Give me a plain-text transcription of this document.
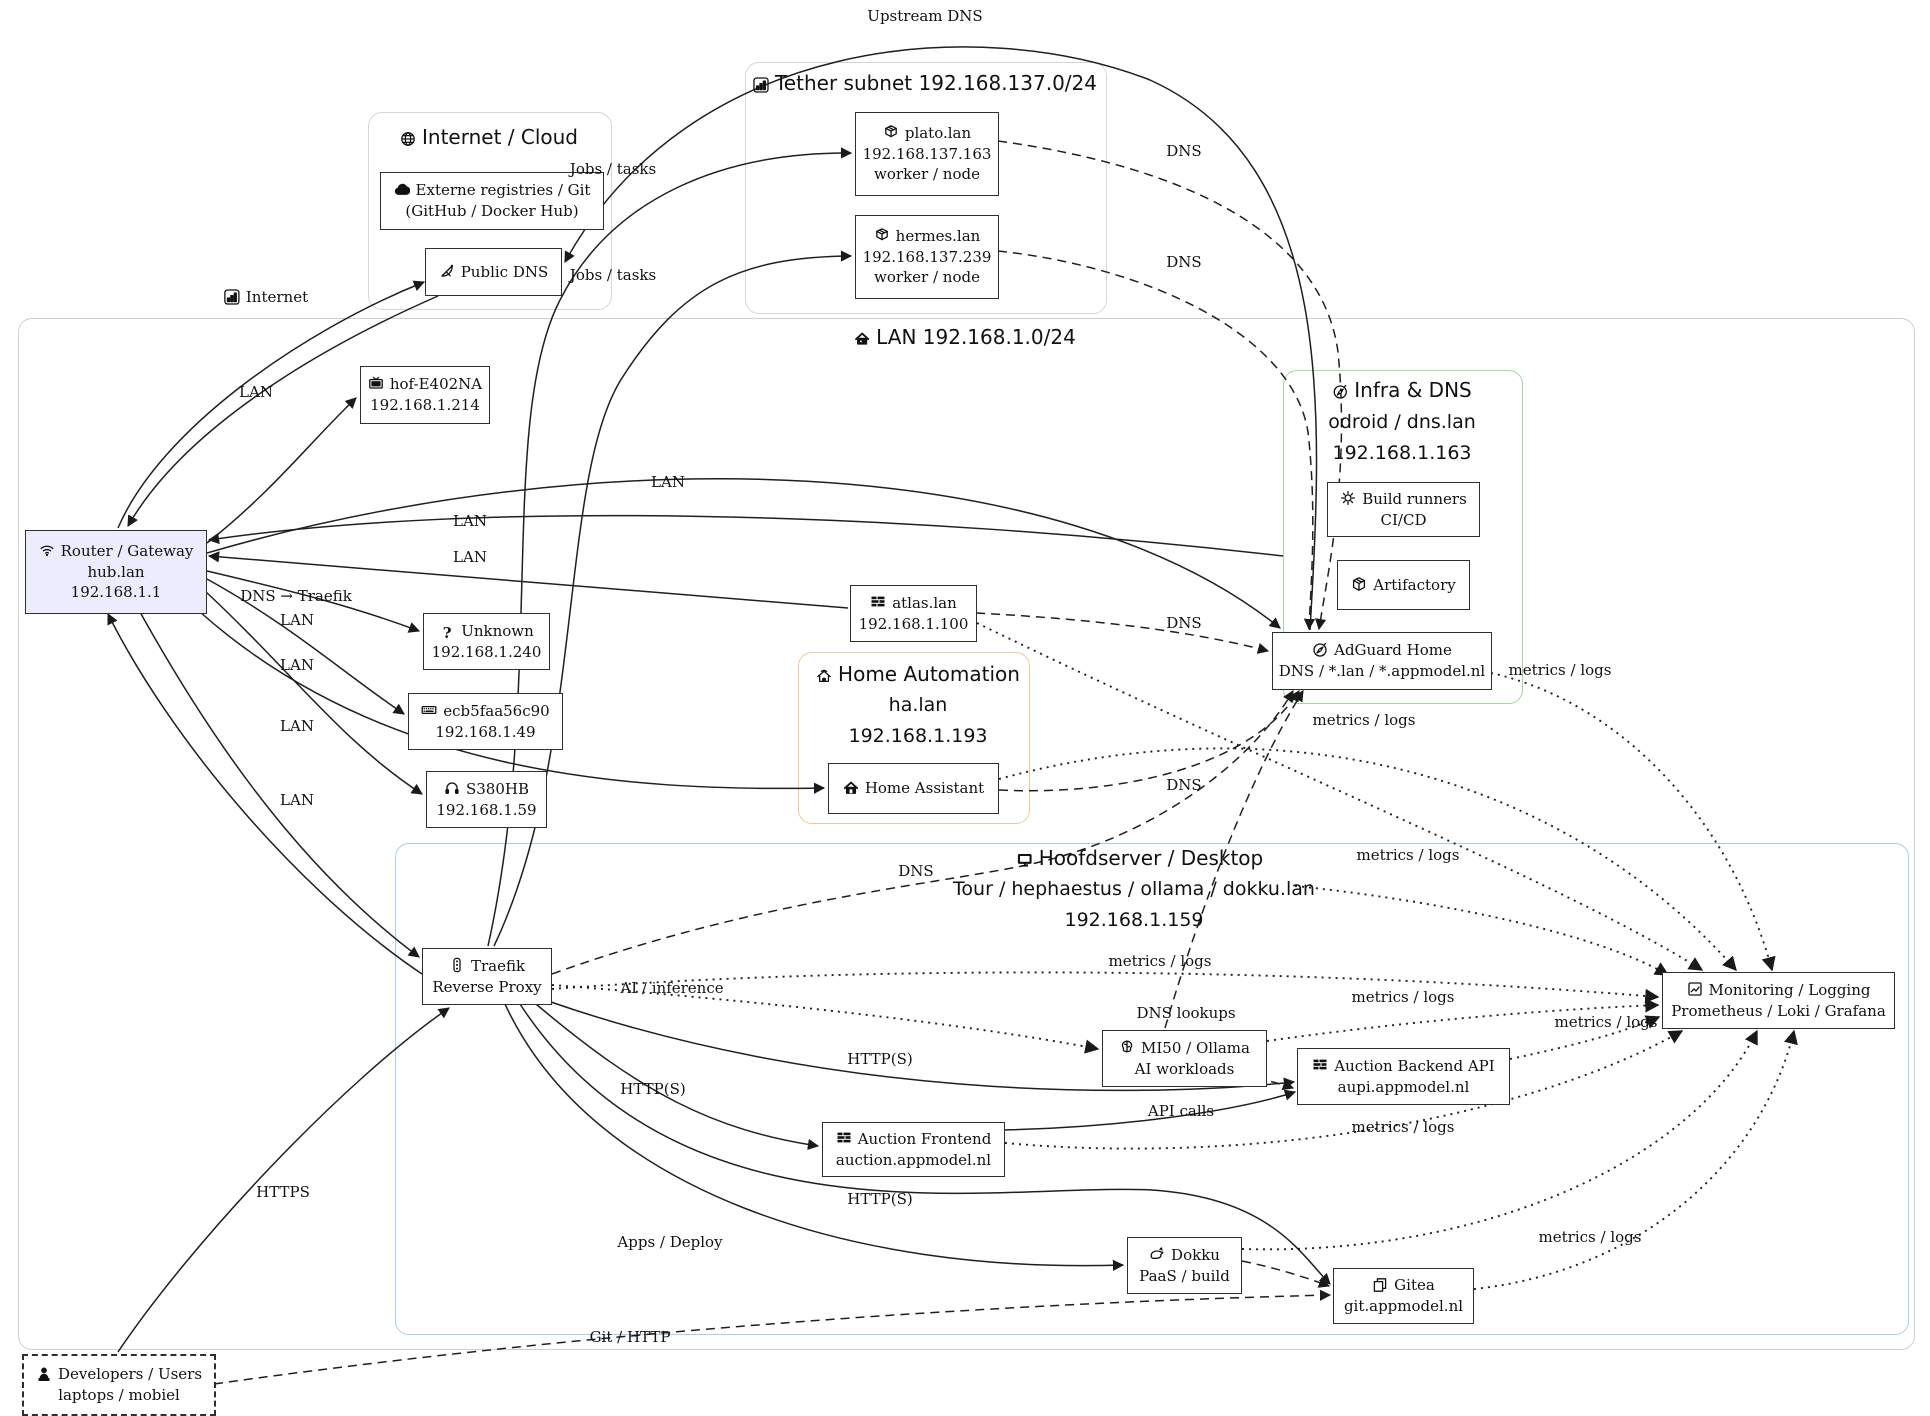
Internet / Cloud
Tether subnet 192.168.137.0/24
LAN 192.168.1.0/24
Infra & DNS
odroid / dns.lan
192.168.1.163
Home Automation
ha.lan
192.168.1.193
Hoofdserver / Desktop
Tour / hephaestus / ollama / dokku.lan
192.168.1.159
Externe registries / Git
(GitHub / Docker Hub)
Public DNS
plato.lan
192.168.137.163
worker / node
hermes.lan
192.168.137.239
worker / node
Router / Gateway
hub.lan
192.168.1.1
hof-E402NA
192.168.1.214
? Unknown
192.168.1.240
ecb5faa56c90
192.168.1.49
S380HB
192.168.1.59
atlas.lan
192.168.1.100
Home Assistant
Build runners
CI/CD
Artifactory
AdGuard Home
DNS / *.lan / *.appmodel.nl
Traefik
Reverse Proxy
MI50 / Ollama
AI workloads	Auction Backend API
aupi.appmodel.nl
Auction Frontend
auction.appmodel.nl
Dokku
PaaS / build
Gitea
git.appmodel.nl
Monitoring / Logging
Prometheus / Loki / Grafana
Developers / Users
laptops / mobiel
Upstream DNS
Internet
Jobs / tasks
Jobs / tasks
LAN
LAN
LAN
LAN
DNS → Traefik
LAN
LAN
LAN
LAN
DNS
DNS
DNS
DNS
DNS
DNS lookups
AI / inference
HTTP(S)
HTTP(S)
HTTP(S)
API calls
Apps / Deploy
Git / HTTP
HTTPS
metrics / logs
metrics / logs
metrics / logs
metrics / logs
metrics / logs
metrics / logs
metrics / logs
metrics / logs
